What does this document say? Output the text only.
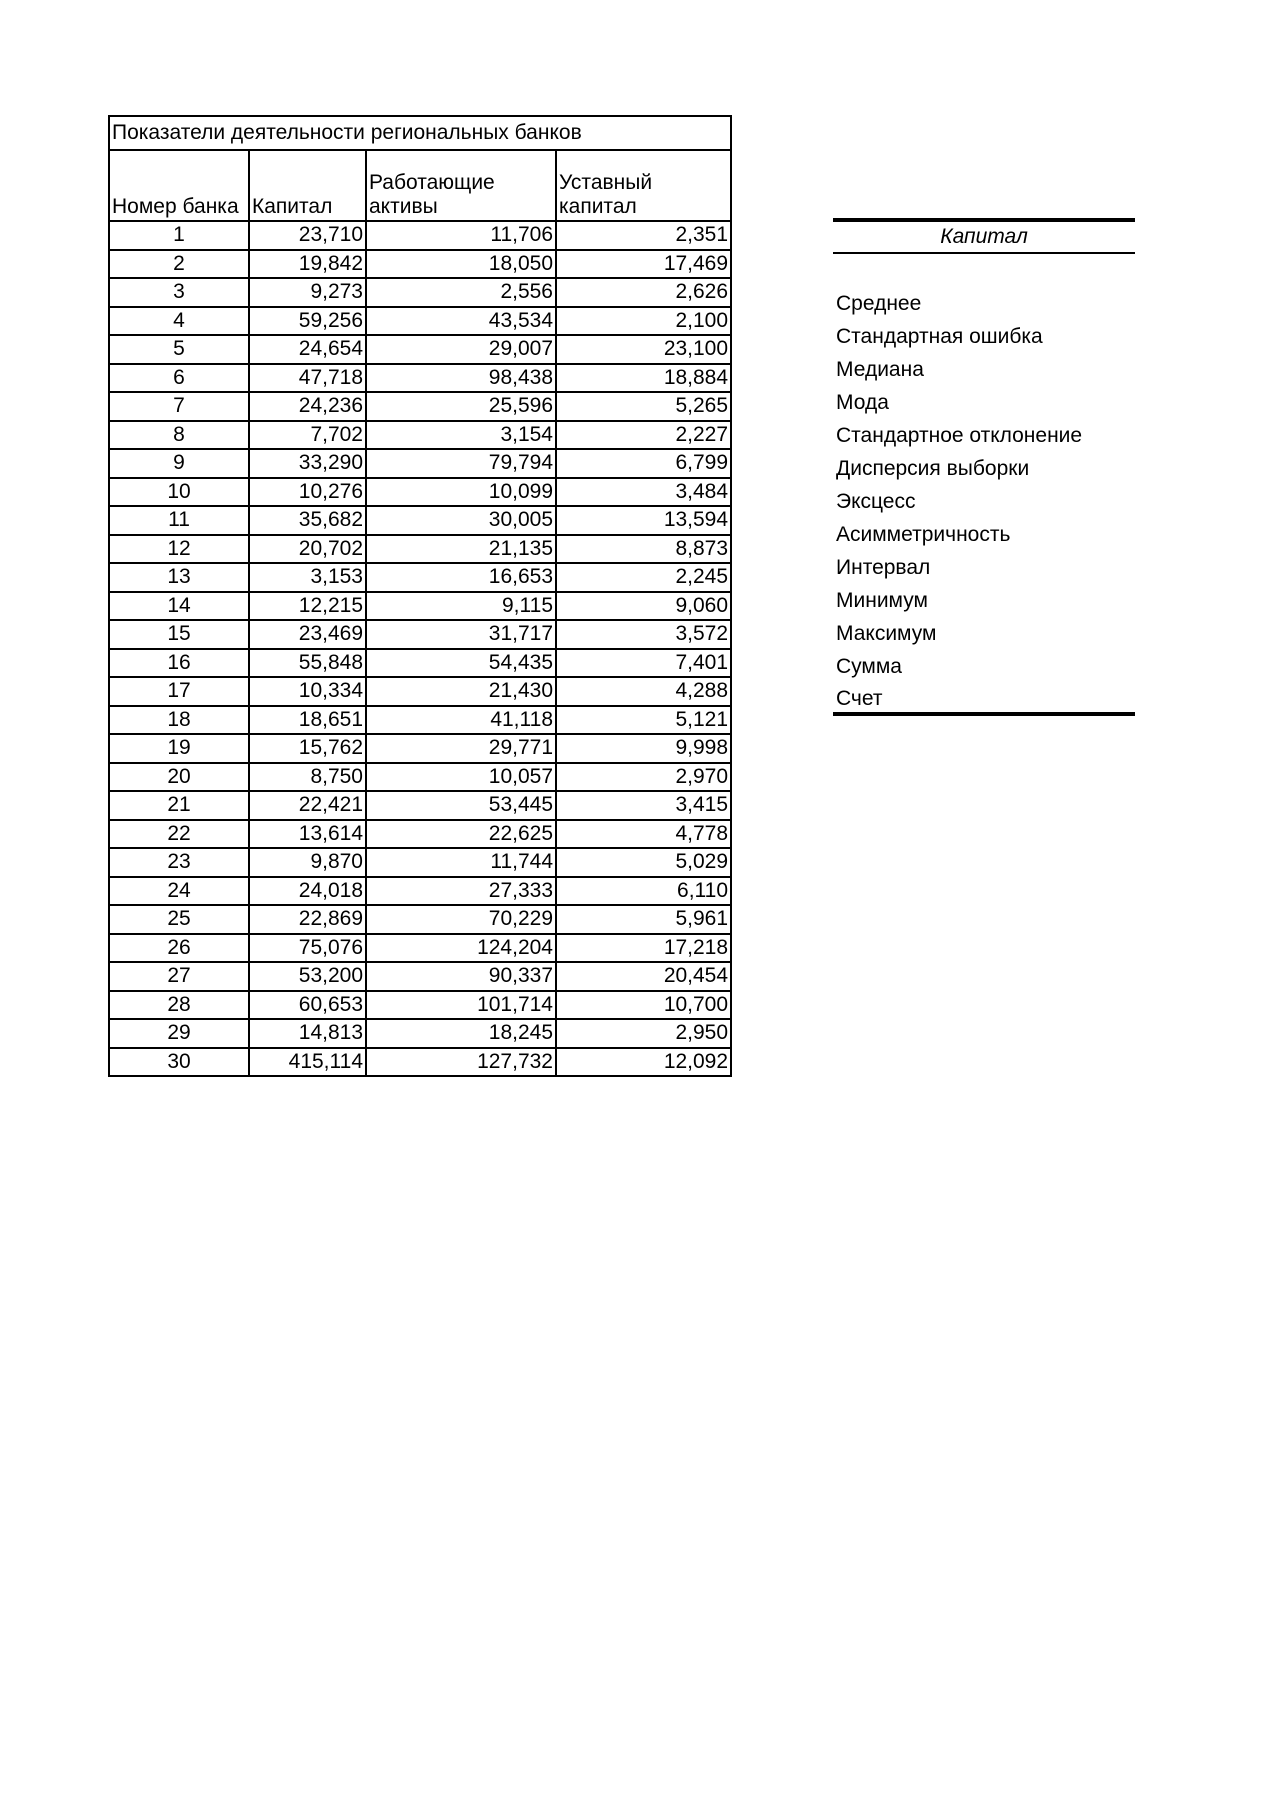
Показатели деятельности региональных банков			
Номер банка	Капитал	Работающие активы	Уставный капитал
1	23,710	11,706	2,351
2	19,842	18,050	17,469
3	9,273	2,556	2,626
4	59,256	43,534	2,100
5	24,654	29,007	23,100
6	47,718	98,438	18,884
7	24,236	25,596	5,265
8	7,702	3,154	2,227
9	33,290	79,794	6,799
10	10,276	10,099	3,484
11	35,682	30,005	13,594
12	20,702	21,135	8,873
13	3,153	16,653	2,245
14	12,215	9,115	9,060
15	23,469	31,717	3,572
16	55,848	54,435	7,401
17	10,334	21,430	4,288
18	18,651	41,118	5,121
19	15,762	29,771	9,998
20	8,750	10,057	2,970
21	22,421	53,445	3,415
22	13,614	22,625	4,778
23	9,870	11,744	5,029
24	24,018	27,333	6,110
25	22,869	70,229	5,961
26	75,076	124,204	17,218
27	53,200	90,337	20,454
28	60,653	101,714	10,700
29	14,813	18,245	2,950
30	415,114	127,732	12,092
Капитал
Среднее
Стандартная ошибка
Медиана
Мода
Стандартное отклонение
Дисперсия выборки
Эксцесс
Асимметричность
Интервал
Минимум
Максимум
Сумма
Счет
